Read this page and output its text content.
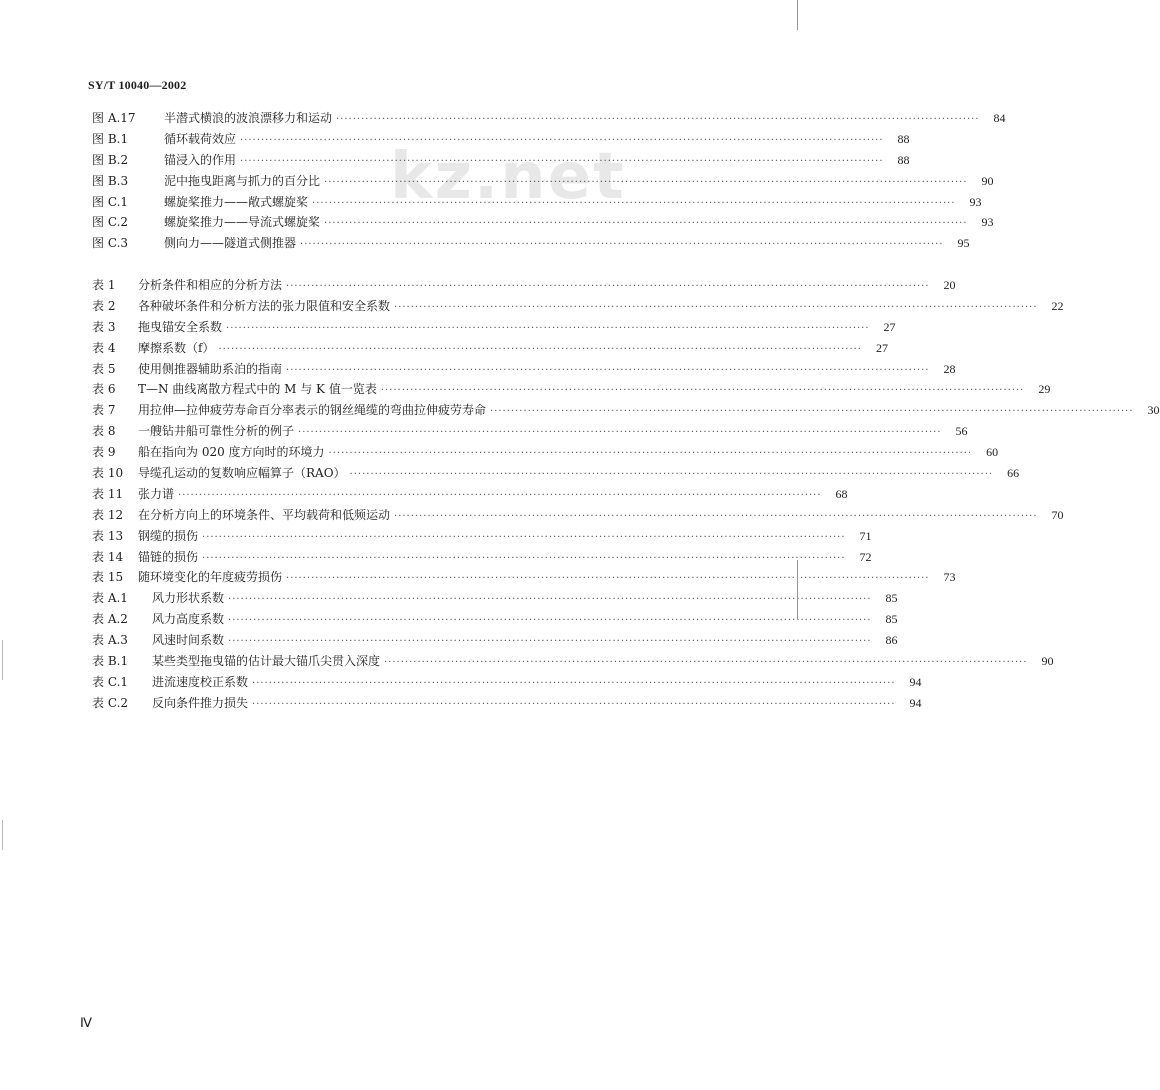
SY/T 10040—2002
kz.net
图 A.17	半潜式横浪的波浪漂移力和运动 ·····	84
图 B.1	循环载荷效应 ·····	88
图 B.2	锚浸入的作用 ·····	88
图 B.3	泥中拖曳距离与抓力的百分比 ·····	90
图 C.1	螺旋桨推力——敞式螺旋桨 ·····	93
图 C.2	螺旋桨推力——导流式螺旋桨 ·····	93
图 C.3	侧向力——隧道式侧推器 ·····	95
表 1	分析条件和相应的分析方法 ·····	20
表 2	各种破坏条件和分析方法的张力限值和安全系数 ·····	22
表 3	拖曳锚安全系数 ·····	27
表 4	摩擦系数（f） ·····	27
表 5	使用侧推器辅助系泊的指南 ·····	28
表 6	T—N 曲线离散方程式中的 M 与 K 值一览表 ·····	29
表 7	用拉伸—拉伸疲劳寿命百分率表示的钢丝绳缆的弯曲拉伸疲劳寿命 ·····	30
表 8	一艘钻井船可靠性分析的例子 ·····	56
表 9	船在指向为 020 度方向时的环境力 ·····	60
表 10	导缆孔运动的复数响应幅算子（RAO） ·····	66
表 11	张力谱 ·····	68
表 12	在分析方向上的环境条件、平均载荷和低频运动 ·····	70
表 13	钢缆的损伤 ·····	71
表 14	锚链的损伤 ·····	72
表 15	随环境变化的年度疲劳损伤 ·····	73
表 A.1	风力形状系数 ·····	85
表 A.2	风力高度系数 ·····	85
表 A.3	风速时间系数 ·····	86
表 B.1	某些类型拖曳锚的估计最大锚爪尖贯入深度 ·····	90
表 C.1	进流速度校正系数 ·····	94
表 C.2	反向条件推力损失 ·····	94
Ⅳ
